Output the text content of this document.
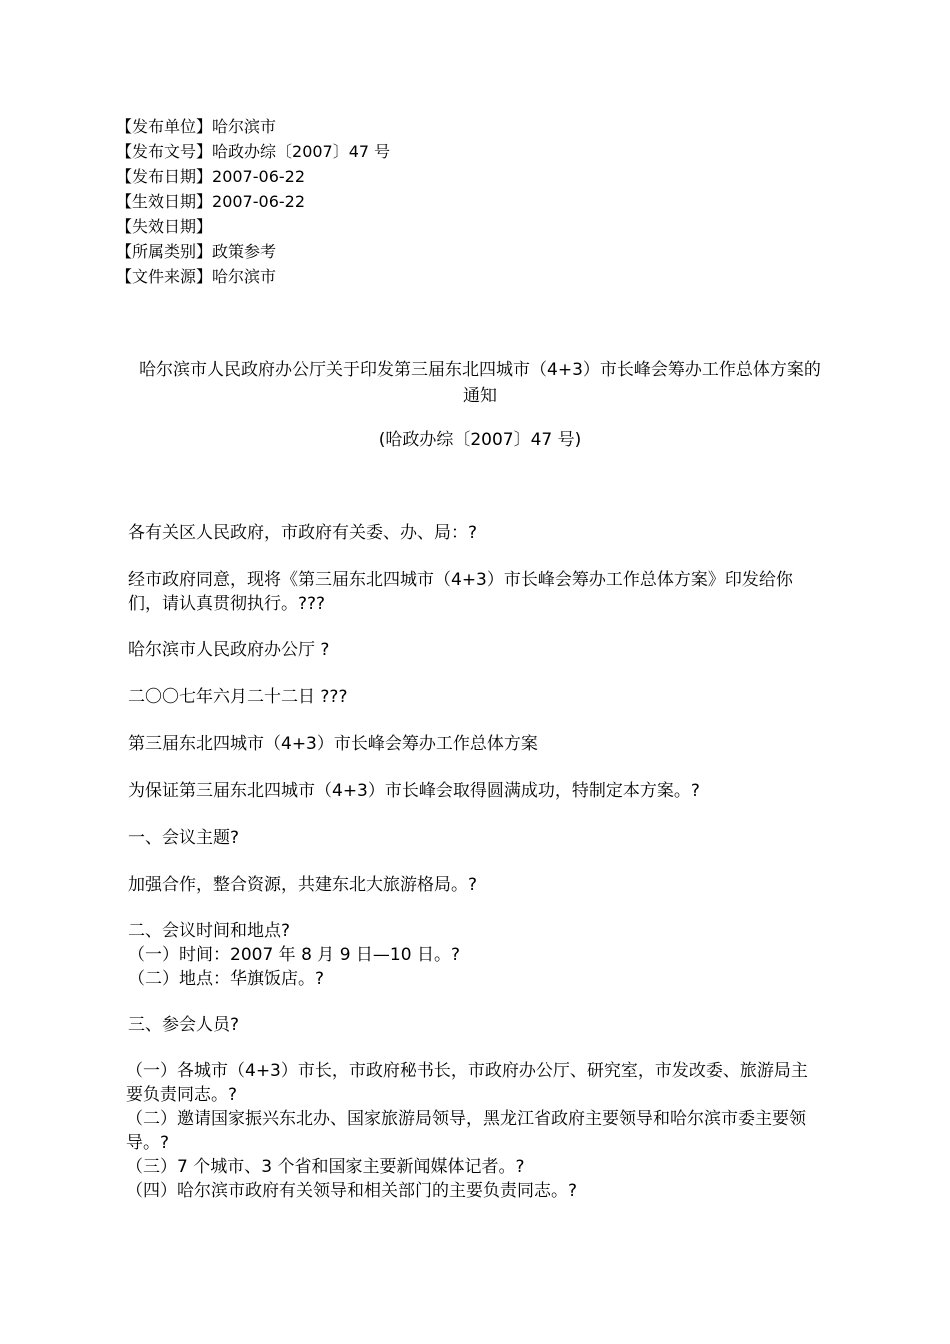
【发布单位】哈尔滨市
【发布文号】哈政办综〔2007〕47 号
【发布日期】2007-06-22
【生效日期】2007-06-22
【失效日期】
【所属类别】政策参考
【文件来源】哈尔滨市
哈尔滨市人民政府办公厅关于印发第三届东北四城市（4+3）市长峰会筹办工作总体方案的
通知
(哈政办综〔2007〕47 号)
各有关区人民政府，市政府有关委、办、局：?
经市政府同意，现将《第三届东北四城市（4+3）市长峰会筹办工作总体方案》印发给你
们，请认真贯彻执行。???
哈尔滨市人民政府办公厅 ?
二〇〇七年六月二十二日 ???
第三届东北四城市（4+3）市长峰会筹办工作总体方案
为保证第三届东北四城市（4+3）市长峰会取得圆满成功，特制定本方案。?
一、会议主题?
加强合作，整合资源，共建东北大旅游格局。?
二、会议时间和地点?
（一）时间：2007 年 8 月 9 日—10 日。?
（二）地点：华旗饭店。?
三、参会人员?
（一）各城市（4+3）市长，市政府秘书长，市政府办公厅、研究室，市发改委、旅游局主
要负责同志。?
（二）邀请国家振兴东北办、国家旅游局领导，黑龙江省政府主要领导和哈尔滨市委主要领
导。?
（三）7 个城市、3 个省和国家主要新闻媒体记者。?
（四）哈尔滨市政府有关领导和相关部门的主要负责同志。?
